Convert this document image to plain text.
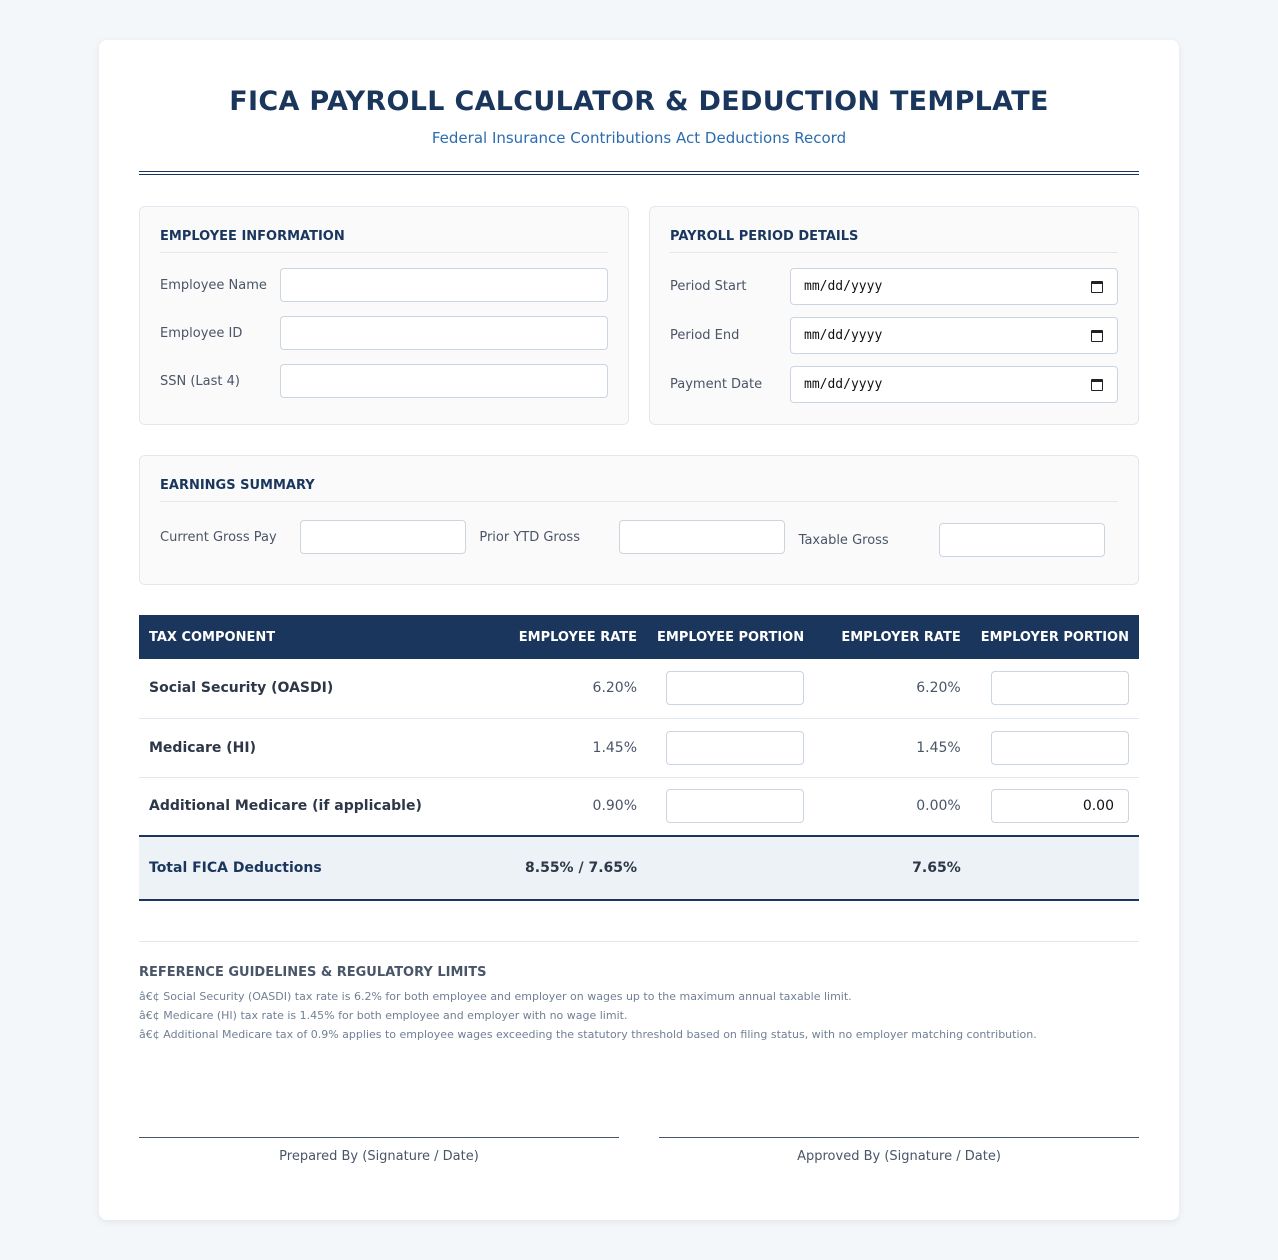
FICA PAYROLL CALCULATOR & DEDUCTION TEMPLATE
Federal Insurance Contributions Act Deductions Record
EMPLOYEE INFORMATION
Employee Name
Employee ID
SSN (Last 4)
PAYROLL PERIOD DETAILS
Period Start	mm/dd/yyyy
Period End	mm/dd/yyyy
Payment Date	mm/dd/yyyy
EARNINGS SUMMARY
Current Gross Pay	Prior YTD Gross	Taxable Gross
TAX COMPONENT	EMPLOYEE RATE	EMPLOYEE PORTION	EMPLOYER RATE	EMPLOYER PORTION
Social Security (OASDI)	6.20%		6.20%	
Medicare (HI)	1.45%		1.45%	
Additional Medicare (if applicable)	0.90%		0.00%	0.00
Total FICA Deductions	8.55% / 7.65%		7.65%	
REFERENCE GUIDELINES & REGULATORY LIMITS
â€¢ Social Security (OASDI) tax rate is 6.2% for both employee and employer on wages up to the maximum annual taxable limit.
â€¢ Medicare (HI) tax rate is 1.45% for both employee and employer with no wage limit.
â€¢ Additional Medicare tax of 0.9% applies to employee wages exceeding the statutory threshold based on filing status, with no employer matching contribution.
Prepared By (Signature / Date)	Approved By (Signature / Date)
